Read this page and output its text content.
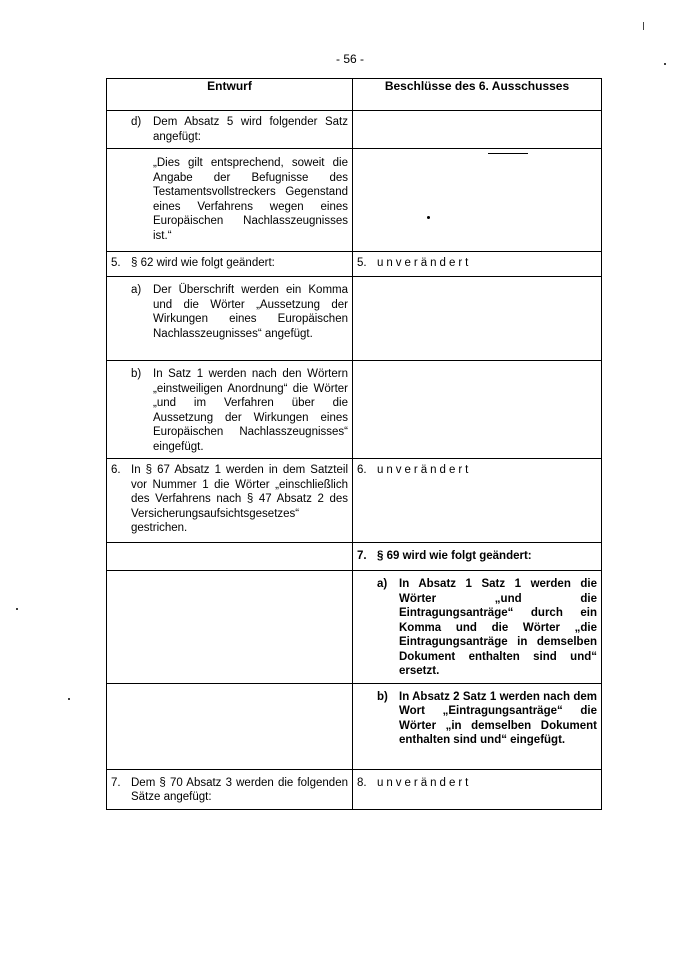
- 56 -
Entwurf	Beschlüsse des 6. Ausschusses

d) Dem Absatz 5 wird folgender Satz angefügt:	

„Dies gilt entsprechend, soweit die Angabe der Befugnisse des Testamentsvollstreckers Gegenstand eines Verfahrens wegen eines Europäischen Nachlasszeugnisses ist.“	

5. § 62 wird wie folgt geändert:	5. unverändert

a) Der Überschrift werden ein Komma und die Wörter „Aussetzung der Wirkungen eines Europäischen Nachlasszeugnisses“ angefügt.	

b) In Satz 1 werden nach den Wörtern „einstweiligen Anordnung“ die Wörter „und im Verfahren über die Aussetzung der Wirkungen eines Europäischen Nachlasszeugnisses“ eingefügt.	

6. In § 67 Absatz 1 werden in dem Satzteil vor Nummer 1 die Wörter „einschließlich des Verfahrens nach § 47 Absatz 2 des Versicherungsaufsichtsgesetzes“ gestrichen.	6. unverändert

	7. § 69 wird wie folgt geändert:

	a) In Absatz 1 Satz 1 werden die Wörter „und die Eintragungsanträge“ durch ein Komma und die Wörter „die Eintragungsanträge in demselben Dokument enthalten sind und“ ersetzt.

	b) In Absatz 2 Satz 1 werden nach dem Wort „Eintragungsanträge“ die Wörter „in demselben Dokument enthalten sind und“ eingefügt.

7. Dem § 70 Absatz 3 werden die folgenden Sätze angefügt:	8. unverändert
